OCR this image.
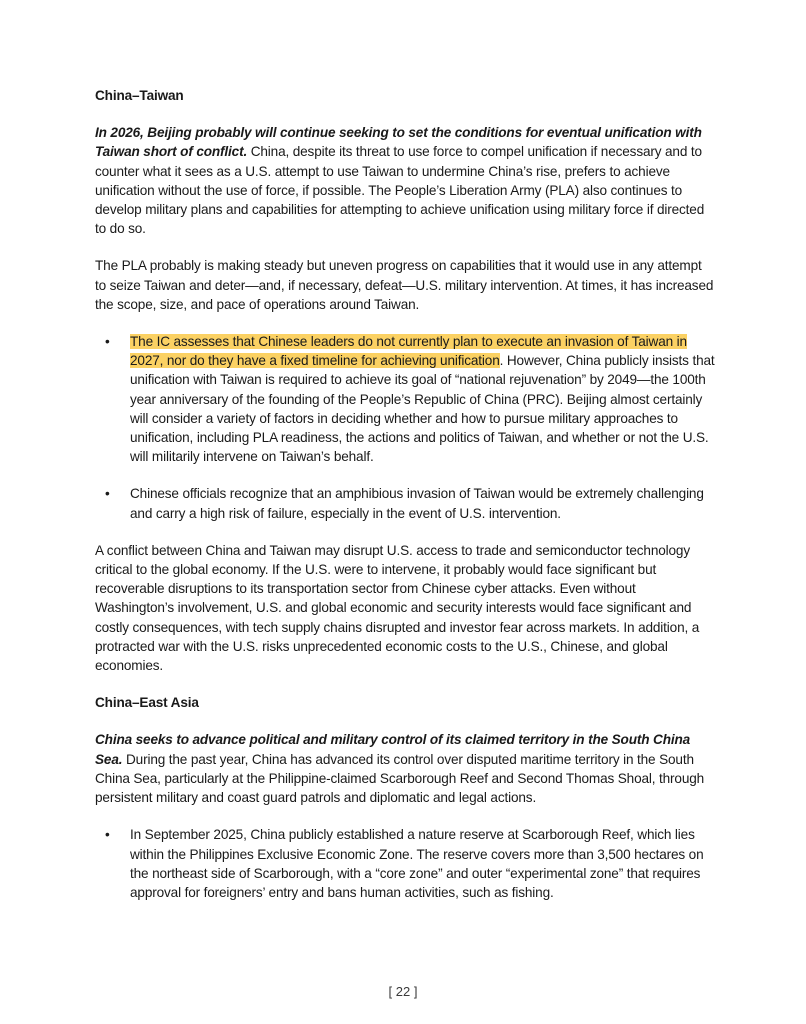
China–Taiwan

In 2026, Beijing probably will continue seeking to set the conditions for eventual unification with Taiwan short of conflict. China, despite its threat to use force to compel unification if necessary and to counter what it sees as a U.S. attempt to use Taiwan to undermine China’s rise, prefers to achieve unification without the use of force, if possible. The People’s Liberation Army (PLA) also continues to develop military plans and capabilities for attempting to achieve unification using military force if directed to do so.

The PLA probably is making steady but uneven progress on capabilities that it would use in any attempt to seize Taiwan and deter—and, if necessary, defeat—U.S. military intervention. At times, it has increased the scope, size, and pace of operations around Taiwan.

• The IC assesses that Chinese leaders do not currently plan to execute an invasion of Taiwan in 2027, nor do they have a fixed timeline for achieving unification. However, China publicly insists that unification with Taiwan is required to achieve its goal of “national rejuvenation” by 2049—the 100th year anniversary of the founding of the People’s Republic of China (PRC). Beijing almost certainly will consider a variety of factors in deciding whether and how to pursue military approaches to unification, including PLA readiness, the actions and politics of Taiwan, and whether or not the U.S. will militarily intervene on Taiwan’s behalf.
• Chinese officials recognize that an amphibious invasion of Taiwan would be extremely challenging and carry a high risk of failure, especially in the event of U.S. intervention.

A conflict between China and Taiwan may disrupt U.S. access to trade and semiconductor technology critical to the global economy. If the U.S. were to intervene, it probably would face significant but recoverable disruptions to its transportation sector from Chinese cyber attacks. Even without Washington’s involvement, U.S. and global economic and security interests would face significant and costly consequences, with tech supply chains disrupted and investor fear across markets. In addition, a protracted war with the U.S. risks unprecedented economic costs to the U.S., Chinese, and global economies.

China–East Asia

China seeks to advance political and military control of its claimed territory in the South China Sea. During the past year, China has advanced its control over disputed maritime territory in the South China Sea, particularly at the Philippine-claimed Scarborough Reef and Second Thomas Shoal, through persistent military and coast guard patrols and diplomatic and legal actions.

• In September 2025, China publicly established a nature reserve at Scarborough Reef, which lies within the Philippines Exclusive Economic Zone. The reserve covers more than 3,500 hectares on the northeast side of Scarborough, with a “core zone” and outer “experimental zone” that requires approval for foreigners’ entry and bans human activities, such as fishing.
[ 22 ]
